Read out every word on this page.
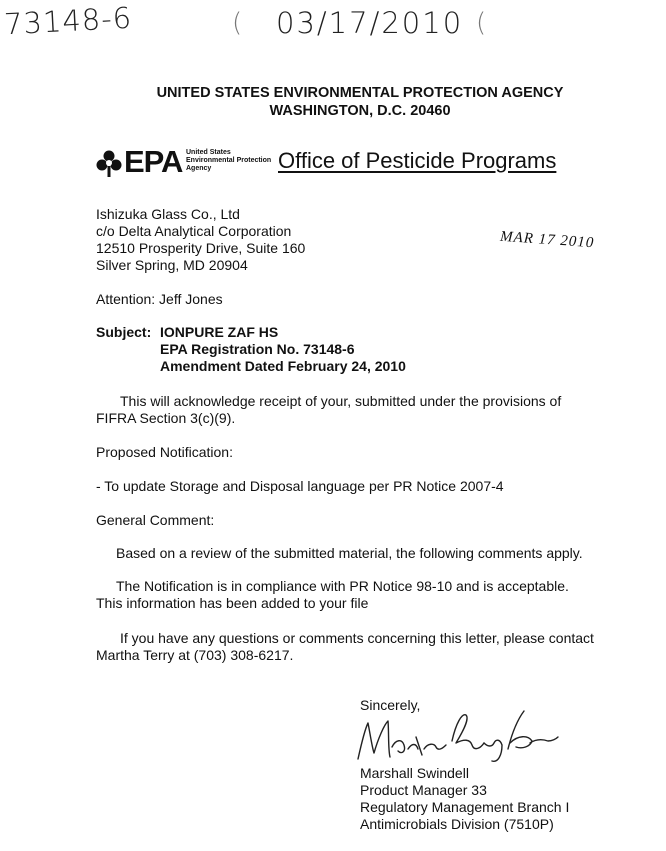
73148-6	( 03/17/2010 (
UNITED STATES ENVIRONMENTAL PROTECTION AGENCY
WASHINGTON, D.C. 20460
EPA United States
Environmental Protection
Agency	Office of Pesticide Programs
Ishizuka Glass Co., Ltd
c/o Delta Analytical Corporation
12510 Prosperity Drive, Suite 160
Silver Spring, MD 20904
MAR 17 2010
Attention: Jeff Jones
Subject: IONPURE ZAF HS
EPA Registration No. 73148-6
Amendment Dated February 24, 2010
This will acknowledge receipt of your, submitted under the provisions of
FIFRA Section 3(c)(9).
Proposed Notification:
- To update Storage and Disposal language per PR Notice 2007-4
General Comment:
Based on a review of the submitted material, the following comments apply.
The Notification is in compliance with PR Notice 98-10 and is acceptable.
This information has been added to your file
If you have any questions or comments concerning this letter, please contact
Martha Terry at (703) 308-6217.
Sincerely,
Marshall Swindell
Product Manager 33
Regulatory Management Branch I
Antimicrobials Division (7510P)
